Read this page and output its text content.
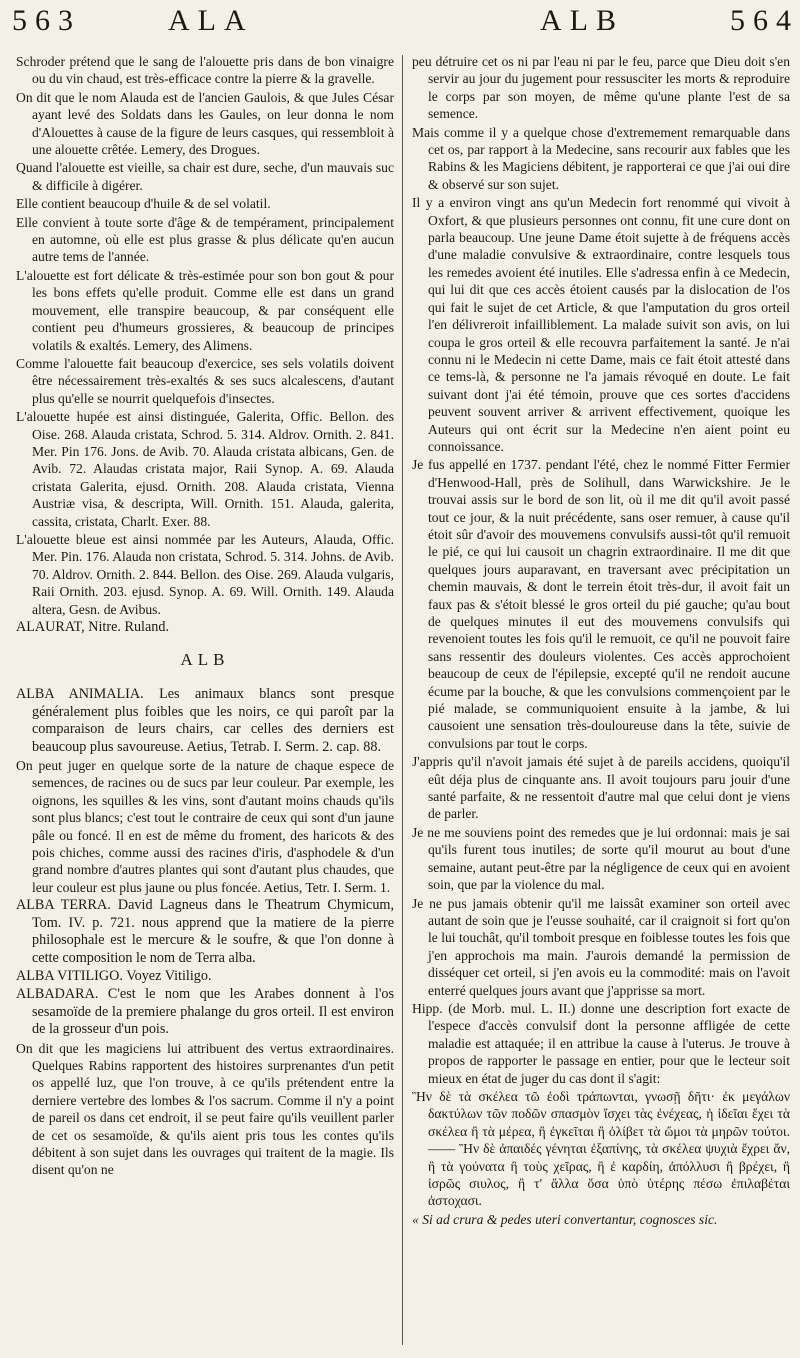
563	ALA	ALB	564

Schroder prétend que le sang de l'alouette pris dans de bon vinaigre ou du vin chaud, est très-efficace contre la pierre & la gravelle.

On dit que le nom Alauda est de l'ancien Gaulois, & que Jules César ayant levé des Soldats dans les Gaules, on leur donna le nom d'Alouettes à cause de la figure de leurs casques, qui ressembloit à une alouette crêtée. Lemery, des Drogues.

Quand l'alouette est vieille, sa chair est dure, seche, d'un mauvais suc & difficile à digérer.

Elle contient beaucoup d'huile & de sel volatil.

Elle convient à toute sorte d'âge & de tempérament, principalement en automne, où elle est plus grasse & plus délicate qu'en aucun autre tems de l'année.

L'alouette est fort délicate & très-estimée pour son bon gout & pour les bons effets qu'elle produit. Comme elle est dans un grand mouvement, elle transpire beaucoup, & par conséquent elle contient peu d'humeurs grossieres, & beaucoup de principes volatils & exaltés. Lemery, des Alimens.

Comme l'alouette fait beaucoup d'exercice, ses sels volatils doivent être nécessairement très-exaltés & ses sucs alcalescens, d'autant plus qu'elle se nourrit quelquefois d'insectes.

L'alouette hupée est ainsi distinguée, Galerita, Offic. Bellon. des Oise. 268. Alauda cristata, Schrod. 5. 314. Aldrov. Ornith. 2. 841. Mer. Pin 176. Jons. de Avib. 70. Alauda cristata albicans, Gen. de Avib. 72. Alaudas cristata major, Raii Synop. A. 69. Alauda cristata Galerita, ejusd. Ornith. 208. Alauda cristata, Vienna Austriæ visa, & descripta, Will. Ornith. 151. Alauda, galerita, cassita, cristata, Charlt. Exer. 88.

L'alouette bleue est ainsi nommée par les Auteurs, Alauda, Offic. Mer. Pin. 176. Alauda non cristata, Schrod. 5. 314. Johns. de Avib. 70. Aldrov. Ornith. 2. 844. Bellon. des Oise. 269. Alauda vulgaris, Raii Ornith. 203. ejusd. Synop. A. 69. Will. Ornith. 149. Alauda altera, Gesn. de Avibus.

ALAURAT, Nitre. Ruland.

ALB

ALBA ANIMALIA. Les animaux blancs sont presque généralement plus foibles que les noirs, ce qui paroît par la comparaison de leurs chairs, car celles des derniers est beaucoup plus savoureuse. Aetius, Tetrab. I. Serm. 2. cap. 88.

On peut juger en quelque sorte de la nature de chaque espece de semences, de racines ou de sucs par leur couleur. Par exemple, les oignons, les squilles & les vins, sont d'autant moins chauds qu'ils sont plus blancs; c'est tout le contraire de ceux qui sont d'un jaune pâle ou foncé. Il en est de même du froment, des haricots & des pois chiches, comme aussi des racines d'iris, d'asphodele & d'un grand nombre d'autres plantes qui sont d'autant plus chaudes, que leur couleur est plus jaune ou plus foncée. Aetius, Tetr. I. Serm. 1.

ALBA TERRA. David Lagneus dans le Theatrum Chymicum, Tom. IV. p. 721. nous apprend que la matiere de la pierre philosophale est le mercure & le soufre, & que l'on donne à cette composition le nom de Terra alba.

ALBA VITILIGO. Voyez Vitiligo.

ALBADARA. C'est le nom que les Arabes donnent à l'os sesamoïde de la premiere phalange du gros orteil. Il est environ de la grosseur d'un pois.

On dit que les magiciens lui attribuent des vertus extraordinaires. Quelques Rabins rapportent des histoires surprenantes d'un petit os appellé luz, que l'on trouve, à ce qu'ils prétendent entre la derniere vertebre des lombes & l'os sacrum. Comme il n'y a point de pareil os dans cet endroit, il se peut faire qu'ils veuillent parler de cet os sesamoïde, & qu'ils aient pris tous les contes qu'ils débitent à son sujet dans les ouvrages qui traitent de la magie. Ils disent qu'on ne

peu détruire cet os ni par l'eau ni par le feu, parce que Dieu doit s'en servir au jour du jugement pour ressusciter les morts & reproduire le corps par son moyen, de même qu'une plante l'est de sa semence.

Mais comme il y a quelque chose d'extremement remarquable dans cet os, par rapport à la Medecine, sans recourir aux fables que les Rabins & les Magiciens débitent, je rapporterai ce que j'ai oui dire & observé sur son sujet.

Il y a environ vingt ans qu'un Medecin fort renommé qui vivoit à Oxfort, & que plusieurs personnes ont connu, fit une cure dont on parla beaucoup. Une jeune Dame étoit sujette à de fréquens accès d'une maladie convulsive & extraordinaire, contre lesquels tous les remedes avoient été inutiles. Elle s'adressa enfin à ce Medecin, qui lui dit que ces accès étoient causés par la dislocation de l'os qui fait le sujet de cet Article, & que l'amputation du gros orteil l'en délivreroit infailliblement. La malade suivit son avis, on lui coupa le gros orteil & elle recouvra parfaitement la santé. Je n'ai connu ni le Medecin ni cette Dame, mais ce fait étoit attesté dans ce tems-là, & personne ne l'a jamais révoqué en doute. Le fait suivant dont j'ai été témoin, prouve que ces sortes d'accidens peuvent souvent arriver & arrivent effectivement, quoique les Auteurs qui ont écrit sur la Medecine n'en aient point eu connoissance.

Je fus appellé en 1737. pendant l'été, chez le nommé Fitter Fermier d'Henwood-Hall, près de Solihull, dans Warwickshire. Je le trouvai assis sur le bord de son lit, où il me dit qu'il avoit passé tout ce jour, & la nuit précédente, sans oser remuer, à cause qu'il étoit sûr d'avoir des mouvemens convulsifs aussi-tôt qu'il remuoit le pié, ce qui lui causoit un chagrin extraordinaire. Il me dit que quelques jours auparavant, en traversant avec précipitation un chemin mauvais, & dont le terrein étoit très-dur, il avoit fait un faux pas & s'étoit blessé le gros orteil du pié gauche; qu'au bout de quelques minutes il eut des mouvemens convulsifs qui revenoient toutes les fois qu'il le remuoit, ce qu'il ne pouvoit faire sans ressentir des douleurs violentes. Ces accès approchoient beaucoup de ceux de l'épilepsie, excepté qu'il ne rendoit aucune écume par la bouche, & que les convulsions commençoient par le pié malade, se communiquoient ensuite à la jambe, & lui causoient une sensation très-douloureuse dans la tête, suivie de convulsions par tout le corps.

J'appris qu'il n'avoit jamais été sujet à de pareils accidens, quoiqu'il eût déja plus de cinquante ans. Il avoit toujours paru jouir d'une santé parfaite, & ne ressentoit d'autre mal que celui dont je viens de parler.

Je ne me souviens point des remedes que je lui ordonnai: mais je sai qu'ils furent tous inutiles; de sorte qu'il mourut au bout d'une semaine, autant peut-être par la négligence de ceux qui en avoient soin, que par la violence du mal.

Je ne pus jamais obtenir qu'il me laissât examiner son orteil avec autant de soin que je l'eusse souhaité, car il craignoit si fort qu'on le lui touchât, qu'il tomboit presque en foiblesse toutes les fois que j'en approchois ma main. J'aurois demandé la permission de disséquer cet orteil, si j'en avois eu la commodité: mais on l'avoit enterré quelques jours avant que j'apprisse sa mort.

Hipp. (de Morb. mul. L. II.) donne une description fort exacte de l'espece d'accès convulsif dont la personne affligée de cette maladie est attaquée; il en attribue la cause à l'uterus. Je trouve à propos de rapporter le passage en entier, pour que le lecteur soit mieux en état de juger du cas dont il s'agit:

Ἢν δὲ τὰ σκέλεα τῶ ἐοδὶ τράπωνται, γνωσῇ δῆτι· ἐκ μεγάλων δακτύλων τῶν ποδῶν σπασμὸν ἴσχει τὰς ἐνέχεας, ἡ ἰδεῖαι ἕχει τὰ σκέλεα ἢ τὰ μέρεα, ἢ ἐγκεῖται ἢ ὀλίβετ τὰ ὤμοι τὰ μηρῶν τούτοι. —— Ἢν δὲ ἀπαιδές γένηται ἐξαπίνης, τὰ σκέλεα ψυχιὰ ἔχρει ἄν, ἢ τὰ γούνατα ἢ τοὺς χεῖρας, ἢ ἐ καρδίη, ἀπόλλυσι ἢ βρέχει, ἢ ἰσρῶς σιυλος, ἢ τ' ἄλλα ὅσα ὑπὸ ὑτέρης πέσω ἐπιλαβέται ἀστοχασι.

« Si ad crura & pedes uteri convertantur, cognosces sic.
